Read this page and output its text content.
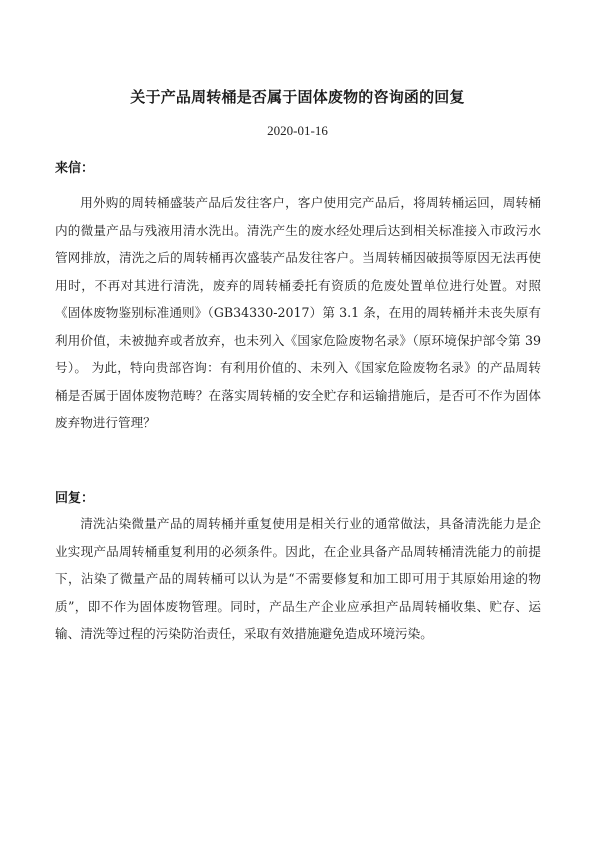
关于产品周转桶是否属于固体废物的咨询函的回复
2020-01-16
来信：

用外购的周转桶盛装产品后发往客户，客户使用完产品后，将周转桶运回，周转桶内的微量产品与残液用清水洗出。清洗产生的废水经处理后达到相关标准接入市政污水管网排放，清洗之后的周转桶再次盛装产品发往客户。当周转桶因破损等原因无法再使用时，不再对其进行清洗，废弃的周转桶委托有资质的危废处置单位进行处置。对照《固体废物鉴别标准通则》（GB34330-2017）第 3.1 条，在用的周转桶并未丧失原有利用价值，未被抛弃或者放弃，也未列入《国家危险废物名录》（原环境保护部令第 39 号）。 为此，特向贵部咨询：有利用价值的、未列入《国家危险废物名录》的产品周转桶是否属于固体废物范畴？在落实周转桶的安全贮存和运输措施后，是否可不作为固体废弃物进行管理？

回复：

清洗沾染微量产品的周转桶并重复使用是相关行业的通常做法，具备清洗能力是企业实现产品周转桶重复利用的必须条件。因此，在企业具备产品周转桶清洗能力的前提下，沾染了微量产品的周转桶可以认为是“不需要修复和加工即可用于其原始用途的物质”，即不作为固体废物管理。同时，产品生产企业应承担产品周转桶收集、贮存、运输、清洗等过程的污染防治责任，采取有效措施避免造成环境污染。
